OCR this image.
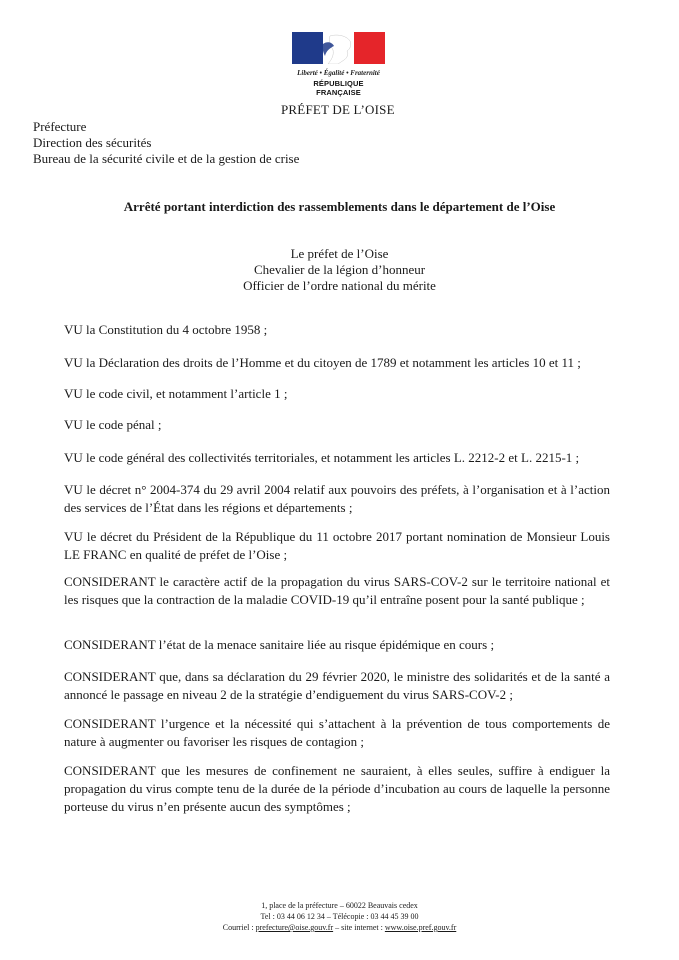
Liberté • Égalité • Fraternité
RÉPUBLIQUE FRANÇAISE
PRÉFET DE L’OISE
Préfecture
Direction des sécurités
Bureau de la sécurité civile et de la gestion de crise
Arrêté portant interdiction des rassemblements dans le département de l’Oise
Le préfet de l’Oise
Chevalier de la légion d’honneur
Officier de l’ordre national du mérite
VU la Constitution du 4 octobre 1958 ;
VU la Déclaration des droits de l’Homme et du citoyen de 1789 et notamment les articles 10 et 11 ;
VU le code civil, et notamment l’article 1 ;
VU le code pénal ;
VU le code général des collectivités territoriales, et notamment les articles L. 2212-2 et L. 2215-1 ;
VU le décret n° 2004-374 du 29 avril 2004 relatif aux pouvoirs des préfets, à l’organisation et à l’action des services de l’État dans les régions et départements ;
VU le décret du Président de la République du 11 octobre 2017 portant nomination de Monsieur Louis LE FRANC en qualité de préfet de l’Oise ;
CONSIDERANT le caractère actif de la propagation du virus SARS-COV-2 sur le territoire national et les risques que la contraction de la maladie COVID-19 qu’il entraîne posent pour la santé publique ;
CONSIDERANT l’état de la menace sanitaire liée au risque épidémique en cours ;
CONSIDERANT que, dans sa déclaration du 29 février 2020, le ministre des solidarités et de la santé a annoncé le passage en niveau 2 de la stratégie d’endiguement du virus SARS-COV-2 ;
CONSIDERANT l’urgence et la nécessité qui s’attachent à la prévention de tous comportements de nature à augmenter ou favoriser les risques de contagion ;
CONSIDERANT que les mesures de confinement ne sauraient, à elles seules, suffire à endiguer la propagation du virus compte tenu de la durée de la période d’incubation au cours de laquelle la personne porteuse du virus n’en présente aucun des symptômes ;
1, place de la préfecture – 60022 Beauvais cedex
Tel : 03 44 06 12 34 – Télécopie : 03 44 45 39 00
Courriel : prefecture@oise.gouv.fr – site internet : www.oise.pref.gouv.fr
